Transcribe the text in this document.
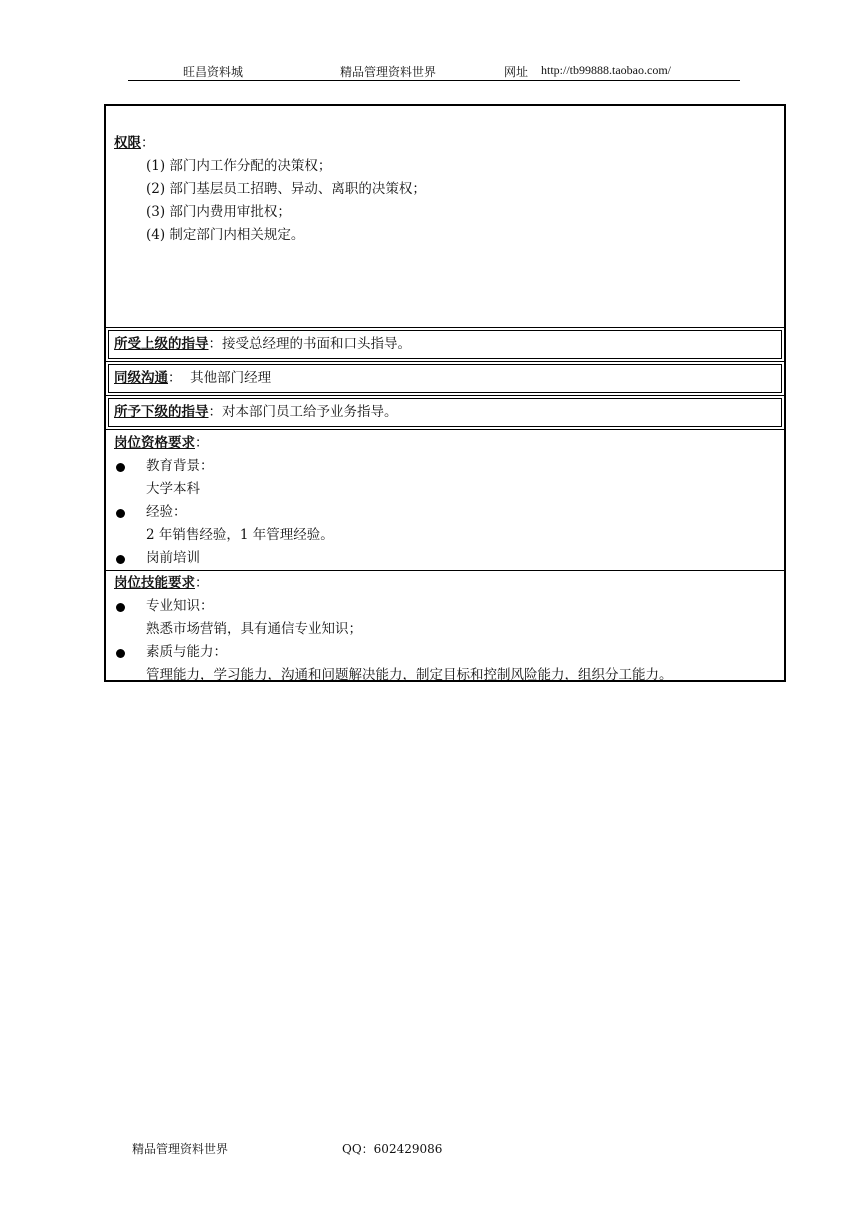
旺昌资料城	精品管理资料世界	网址 http://tb99888.taobao.com/
权限：
(1) 部门内工作分配的决策权；
(2) 部门基层员工招聘、异动、离职的决策权；
(3) 部门内费用审批权；
(4) 制定部门内相关规定。
所受上级的指导：接受总经理的书面和口头指导。
同级沟通：  其他部门经理
所予下级的指导：对本部门员工给予业务指导。
岗位资格要求：
教育背景：
大学本科
经验：
2 年销售经验，1 年管理经验。
岗前培训
岗位技能要求：
专业知识：
熟悉市场营销，具有通信专业知识；
素质与能力：
管理能力，学习能力，沟通和问题解决能力，制定目标和控制风险能力，组织分工能力。
精品管理资料世界	QQ：602429086
